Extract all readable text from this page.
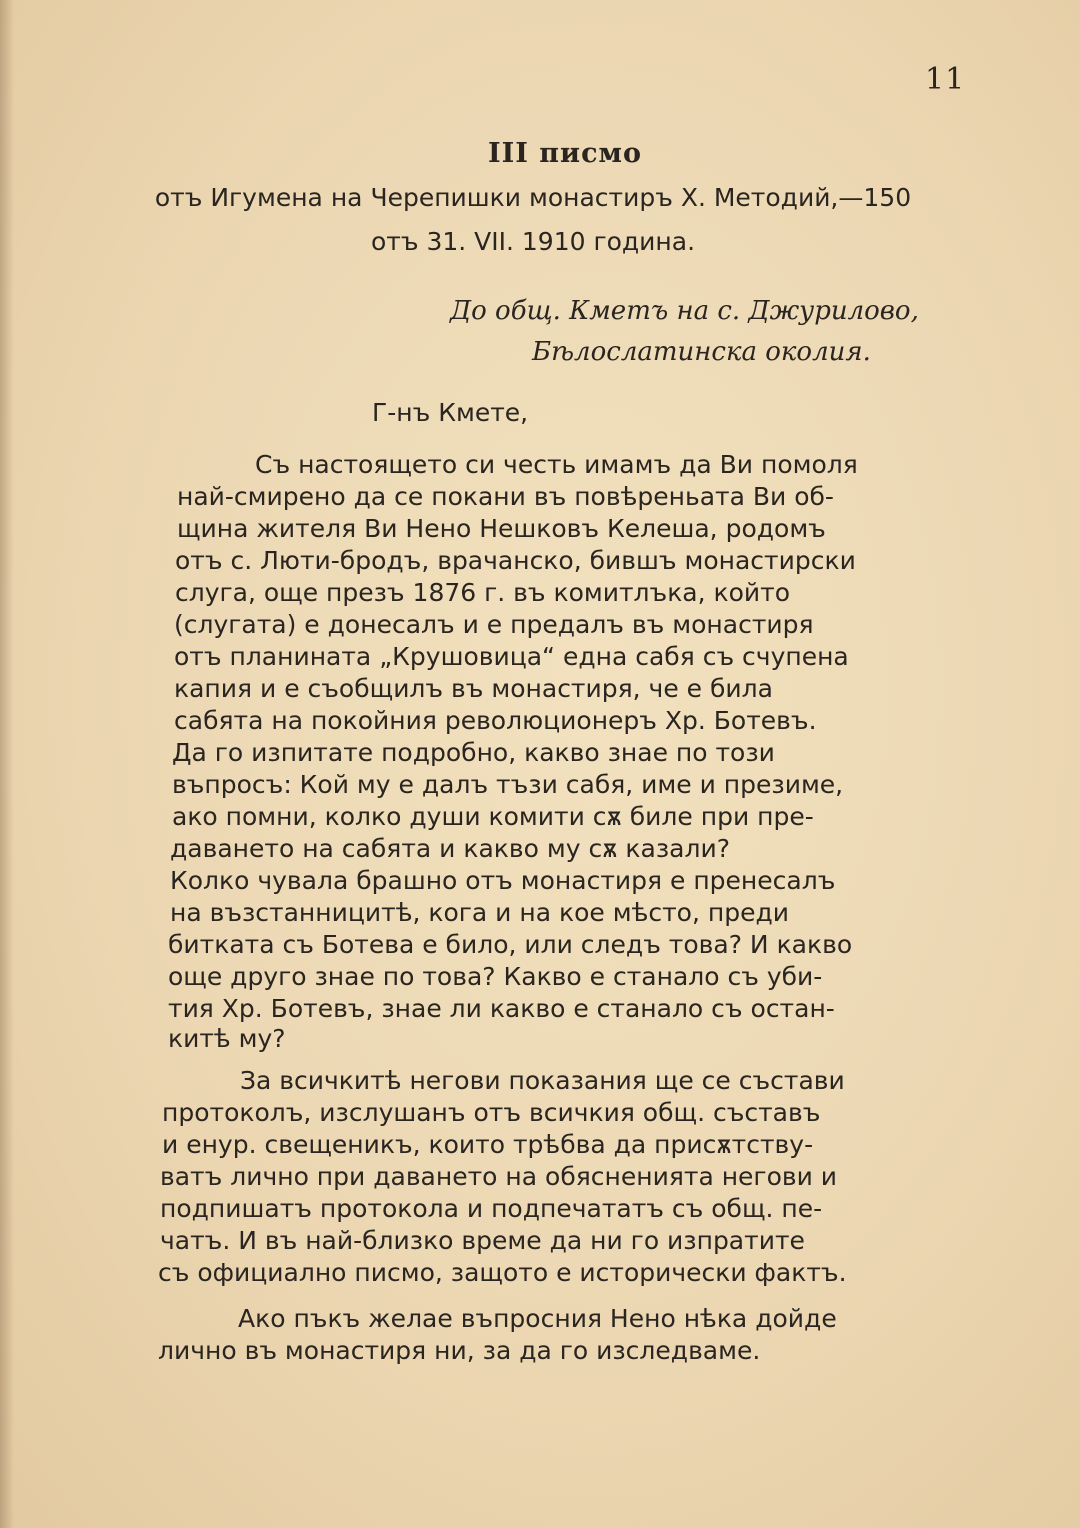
11
III писмо
отъ Игумена на Черепишки монастиръ Х. Методий,—150
отъ 31. VII. 1910 година.
До общ. Кметъ на с. Джурилово,
Бѣлослатинска околия.
Г-нъ Кмете,
Съ настоящето си честь имамъ да Ви помоля
най-смирено да се покани въ повѣреньата Ви об-
щина жителя Ви Нено Нешковъ Келеша, родомъ
отъ с. Люти-бродъ, врачанско, бившъ монастирски
слуга, още презъ 1876 г. въ комитлъка, който
(слугата) е донесалъ и е предалъ въ монастиря
отъ планината „Крушовица“ една сабя съ счупена
капия и е съобщилъ въ монастиря, че е била
сабята на покойния революционеръ Хр. Ботевъ.
Да го изпитате подробно, какво знае по този
въпросъ: Кой му е далъ тъзи сабя, име и презиме,
ако помни, колко души комити сѫ биле при пре-
даването на сабята и какво му сѫ казали?
Колко чувала брашно отъ монастиря е пренесалъ
на възстанницитѣ, кога и на кое мѣсто, преди
битката съ Ботева е било, или следъ това? И какво
още друго знае по това? Какво е станало съ уби-
тия Хр. Ботевъ, знае ли какво е станало съ остан-
китѣ му?
За всичкитѣ негови показания ще се състави
протоколъ, изслушанъ отъ всичкия общ. съставъ
и енур. свещеникъ, които трѣбва да присѫтству-
ватъ лично при даването на обясненията негови и
подпишатъ протокола и подпечататъ съ общ. пе-
чатъ. И въ най-близко време да ни го изпратите
съ официално писмо, защото е исторически фактъ.
Ако пъкъ желае въпросния Нено нѣка дойде
лично въ монастиря ни, за да го изследваме.
